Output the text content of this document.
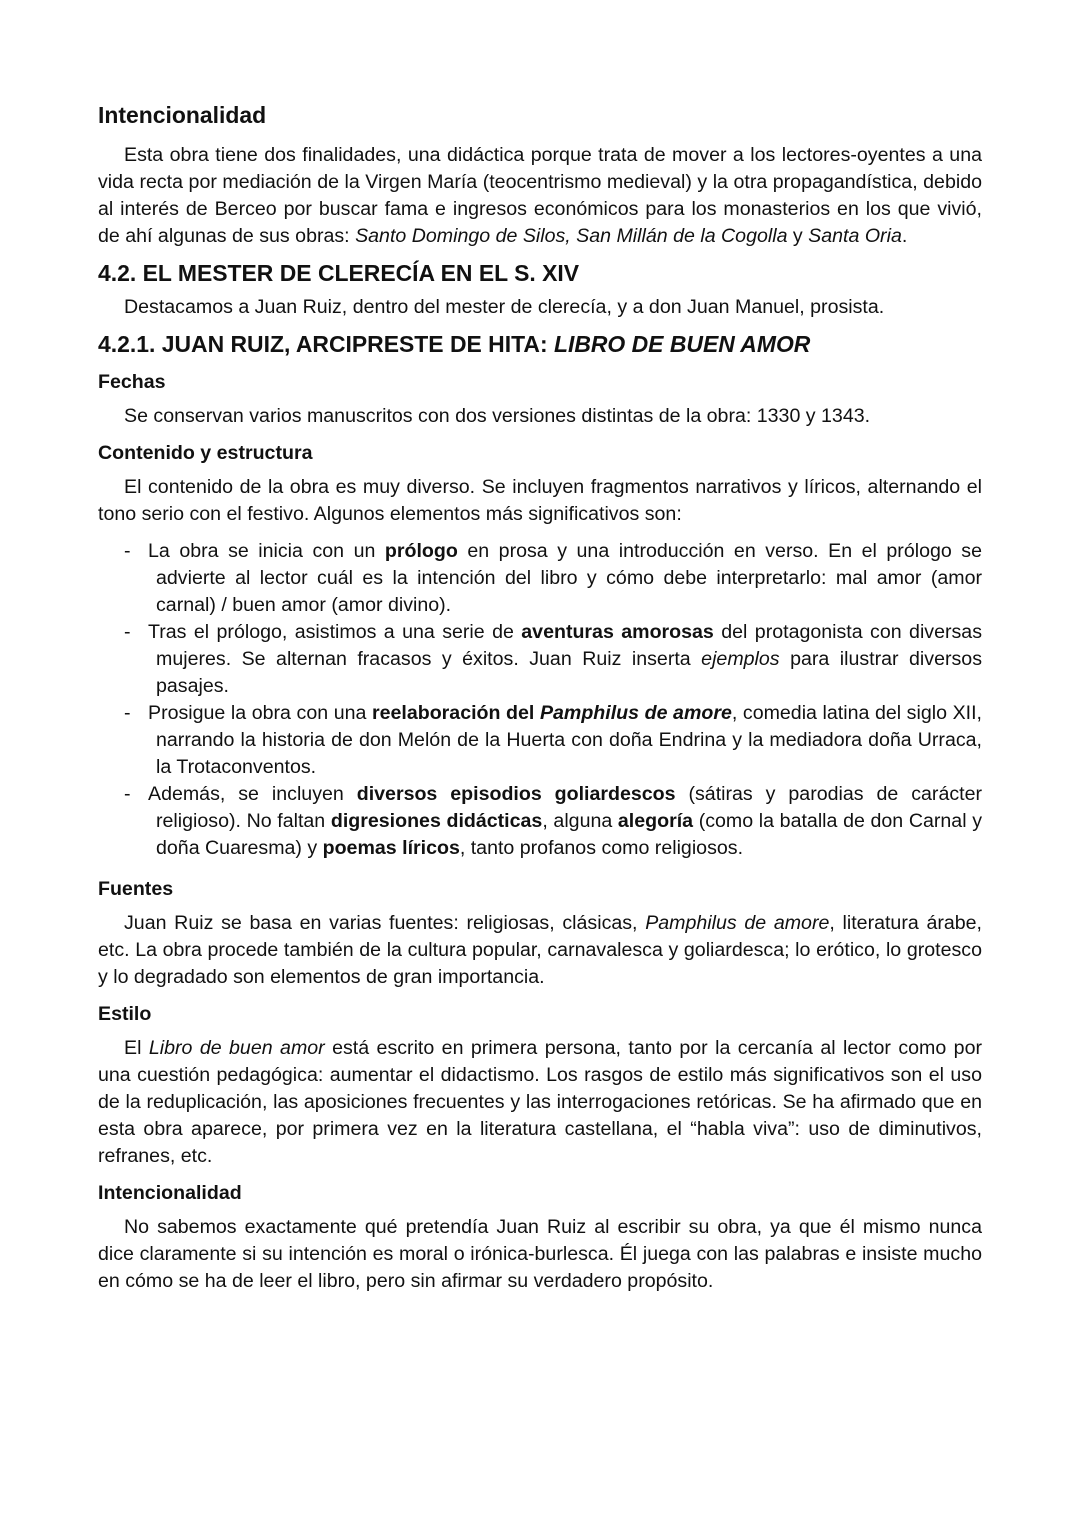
Intencionalidad

Esta obra tiene dos finalidades, una didáctica porque trata de mover a los lectores-oyentes a una vida recta por mediación de la Virgen María (teocentrismo medieval) y la otra propagandística, debido al interés de Berceo por buscar fama e ingresos económicos para los monasterios en los que vivió, de ahí algunas de sus obras: Santo Domingo de Silos, San Millán de la Cogolla y Santa Oria.

4.2. EL MESTER DE CLERECÍA EN EL S. XIV

Destacamos a Juan Ruiz, dentro del mester de clerecía, y a don Juan Manuel, prosista.

4.2.1. JUAN RUIZ, ARCIPRESTE DE HITA: LIBRO DE BUEN AMOR
Fechas

Se conservan varios manuscritos con dos versiones distintas de la obra: 1330 y 1343.

Contenido y estructura

El contenido de la obra es muy diverso. Se incluyen fragmentos narrativos y líricos, alternando el tono serio con el festivo. Algunos elementos más significativos son:

- La obra se inicia con un prólogo en prosa y una introducción en verso. En el prólogo se advierte al lector cuál es la intención del libro y cómo debe interpretarlo: mal amor (amor carnal) / buen amor (amor divino).
- Tras el prólogo, asistimos a una serie de aventuras amorosas del protagonista con diversas mujeres. Se alternan fracasos y éxitos. Juan Ruiz inserta ejemplos para ilustrar diversos pasajes.
- Prosigue la obra con una reelaboración del Pamphilus de amore, comedia latina del siglo XII, narrando la historia de don Melón de la Huerta con doña Endrina y la mediadora doña Urraca, la Trotaconventos.
- Además, se incluyen diversos episodios goliardescos (sátiras y parodias de carácter religioso). No faltan digresiones didácticas, alguna alegoría (como la batalla de don Carnal y doña Cuaresma) y poemas líricos, tanto profanos como religiosos.
Fuentes

Juan Ruiz se basa en varias fuentes: religiosas, clásicas, Pamphilus de amore, literatura árabe, etc. La obra procede también de la cultura popular, carnavalesca y goliardesca; lo erótico, lo grotesco y lo degradado son elementos de gran importancia.

Estilo

El Libro de buen amor está escrito en primera persona, tanto por la cercanía al lector como por una cuestión pedagógica: aumentar el didactismo. Los rasgos de estilo más significativos son el uso de la reduplicación, las aposiciones frecuentes y las interrogaciones retóricas. Se ha afirmado que en esta obra aparece, por primera vez en la literatura castellana, el “habla viva”: uso de diminutivos, refranes, etc.

Intencionalidad

No sabemos exactamente qué pretendía Juan Ruiz al escribir su obra, ya que él mismo nunca dice claramente si su intención es moral o irónica-burlesca. Él juega con las palabras e insiste mucho en cómo se ha de leer el libro, pero sin afirmar su verdadero propósito.
